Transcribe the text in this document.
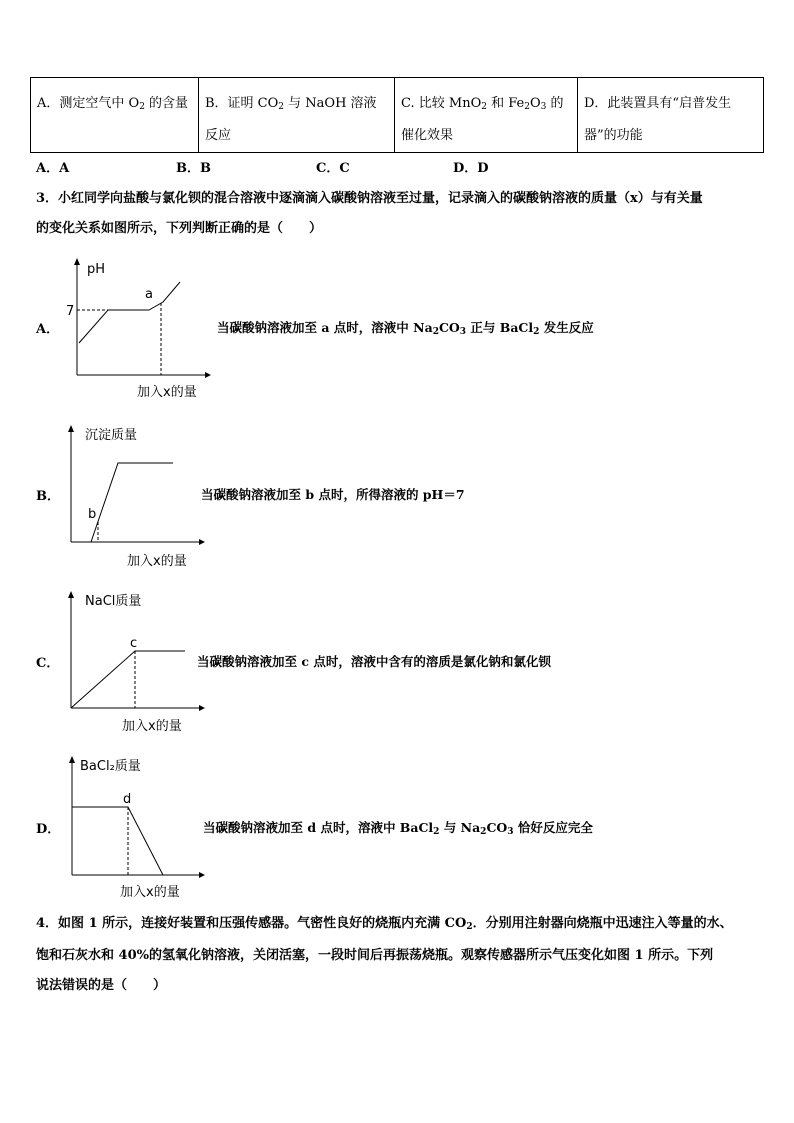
A．测定空气中 $O_2$ 的含量	B．证明 $CO_2$ 与 NaOH 溶液反应	C. 比较 MnO$_2$ 和 $Fe_2O_3$ 的催化效果	D．此装置具有“启普发生器”的功能
A．A	B．B	C．C	D．D
3．小红同学向盐酸与氯化钡的混合溶液中逐滴滴入碳酸钠溶液至过量，记录滴入的碳酸钠溶液的质量（x）与有关量
的变化关系如图所示，下列判断正确的是（　　）
A．
pH
7
a
加入x的量
当碳酸钠溶液加至 a 点时，溶液中 $Na_2CO_3$ 正与 BaCl$_2$ 发生反应
B．
沉淀质量
b
加入x的量
当碳酸钠溶液加至 b 点时，所得溶液的 pH＝7
C．
NaCl质量
c
加入x的量
当碳酸钠溶液加至 c 点时，溶液中含有的溶质是氯化钠和氯化钡
D．
BaCl₂质量
d
加入x的量
当碳酸钠溶液加至 d 点时，溶液中 BaCl$_2$ 与 $Na_2CO_3$ 恰好反应完全
4．如图 1 所示，连接好装置和压强传感器。气密性良好的烧瓶内充满 $CO_2$．分别用注射器向烧瓶中迅速注入等量的水、
饱和石灰水和 40%的氢氧化钠溶液，关闭活塞，一段时间后再振荡烧瓶。观察传感器所示气压变化如图 1 所示。下列
说法错误的是（　　）
